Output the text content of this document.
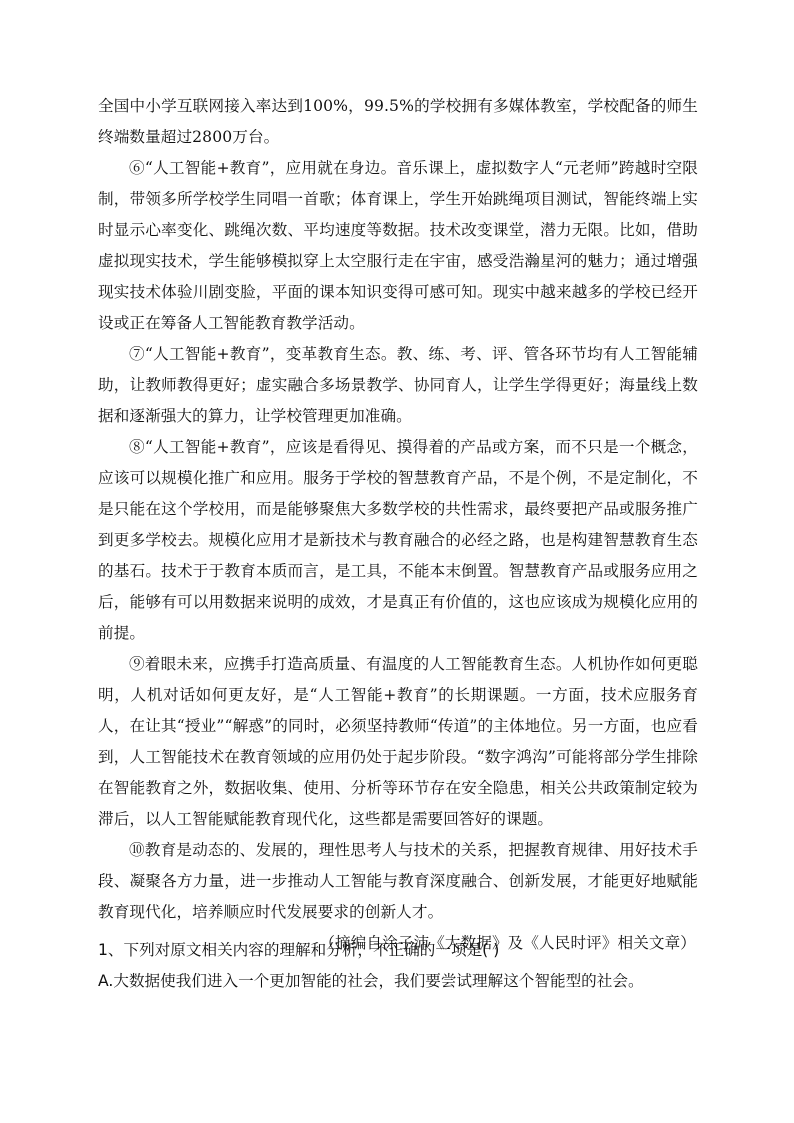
全国中小学互联网接入率达到100%，99.5%的学校拥有多媒体教室，学校配备的师生终端数量超过2800万台。

⑥“人工智能+教育”，应用就在身边。音乐课上，虚拟数字人“元老师”跨越时空限制，带领多所学校学生同唱一首歌；体育课上，学生开始跳绳项目测试，智能终端上实时显示心率变化、跳绳次数、平均速度等数据。技术改变课堂，潜力无限。比如，借助虚拟现实技术，学生能够模拟穿上太空服行走在宇宙，感受浩瀚星河的魅力；通过增强现实技术体验川剧变脸，平面的课本知识变得可感可知。现实中越来越多的学校已经开设或正在筹备人工智能教育教学活动。

⑦“人工智能+教育”，变革教育生态。教、练、考、评、管各环节均有人工智能辅助，让教师教得更好；虚实融合多场景教学、协同育人，让学生学得更好；海量线上数据和逐渐强大的算力，让学校管理更加准确。

⑧“人工智能+教育”，应该是看得见、摸得着的产品或方案，而不只是一个概念，应该可以规模化推广和应用。服务于学校的智慧教育产品，不是个例，不是定制化，不是只能在这个学校用，而是能够聚焦大多数学校的共性需求，最终要把产品或服务推广到更多学校去。规模化应用才是新技术与教育融合的必经之路，也是构建智慧教育生态的基石。技术于于教育本质而言，是工具，不能本末倒置。智慧教育产品或服务应用之后，能够有可以用数据来说明的成效，才是真正有价值的，这也应该成为规模化应用的前提。

⑨着眼未来，应携手打造高质量、有温度的人工智能教育生态。人机协作如何更聪明，人机对话如何更友好，是“人工智能+教育”的长期课题。一方面，技术应服务育人，在让其“授业”“解惑”的同时，必须坚持教师“传道”的主体地位。另一方面，也应看到，人工智能技术在教育领域的应用仍处于起步阶段。“数字鸿沟”可能将部分学生排除在智能教育之外，数据收集、使用、分析等环节存在安全隐患，相关公共政策制定较为滞后，以人工智能赋能教育现代化，这些都是需要回答好的课题。

⑩教育是动态的、发展的，理性思考人与技术的关系，把握教育规律、用好技术手段、凝聚各方力量，进一步推动人工智能与教育深度融合、创新发展，才能更好地赋能教育现代化，培养顺应时代发展要求的创新人才。

（摘编自涂子沛《大数据》及《人民时评》相关文章）

1、下列对原文相关内容的理解和分析，不正确的一项是( )

A.大数据使我们进入一个更加智能的社会，我们要尝试理解这个智能型的社会。
